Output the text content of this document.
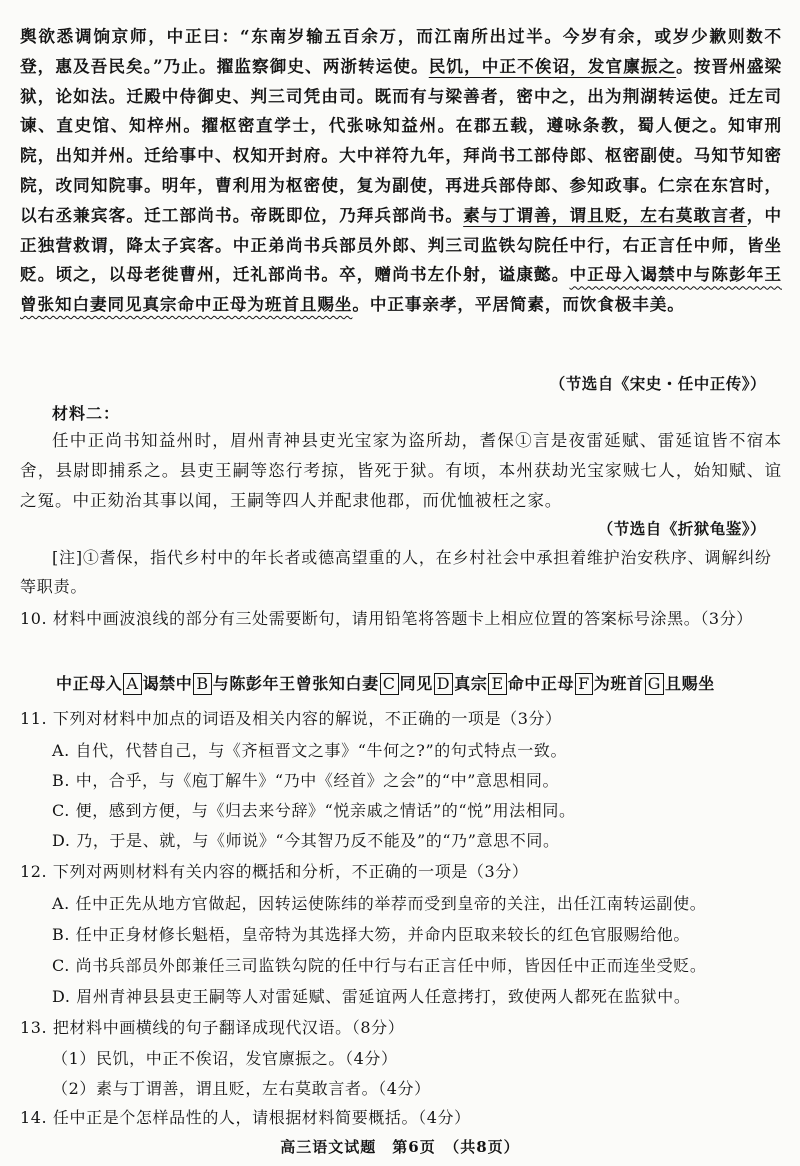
舆欲悉调饷京师，中正曰：“东南岁输五百余万，而江南所出过半。今岁有余，或岁少歉则数不登，惠及吾民矣。”乃止。擢监察御史、两浙转运使。民饥，中正不俟诏，发官廪振之。按晋州盛梁狱，论如法。迁殿中侍御史、判三司凭由司。既而有与梁善者，密中之，出为荆湖转运使。迁左司谏、直史馆、知梓州。擢枢密直学士，代张咏知益州。在郡五载，遵咏条教，蜀人便之。知审刑院，出知并州。迁给事中、权知开封府。大中祥符九年，拜尚书工部侍郎、枢密副使。马知节知密院，改同知院事。明年，曹利用为枢密使，复为副使，再进兵部侍郎、参知政事。仁宗在东宫时，以右丞兼宾客。迁工部尚书。帝既即位，乃拜兵部尚书。素与丁谓善，谓且贬，左右莫敢言者，中正独营救谓，降太子宾客。中正弟尚书兵部员外郎、判三司监铁勾院任中行，右正言任中师，皆坐贬。顷之，以母老徙曹州，迁礼部尚书。卒，赠尚书左仆射，谥康懿。中正母入谒禁中与陈彭年王曾张知白妻同见真宗命中正母为班首且赐坐。中正事亲孝，平居简素，而饮食极丰美。
（节选自《宋史・任中正传》）
材料二：
任中正尚书知益州时，眉州青神县吏光宝家为盗所劫，耆保①言是夜雷延赋、雷延谊皆不宿本舍，县尉即捕系之。县吏王嗣等恣行考掠，皆死于狱。有顷，本州获劫光宝家贼七人，始知赋、谊之冤。中正劾治其事以闻，王嗣等四人并配隶他郡，而优恤被枉之家。
（节选自《折狱龟鉴》）
[注]①耆保，指代乡村中的年长者或德高望重的人，在乡村社会中承担着维护治安秩序、调解纠纷等职责。
10. 材料中画波浪线的部分有三处需要断句，请用铅笔将答题卡上相应位置的答案标号涂黑。（3分）
中正母入 A 谒禁中 B 与陈彭年王曾张知白妻 C 同见 D 真宗 E 命中正母 F 为班首 G 且赐坐
11. 下列对材料中加点的词语及相关内容的解说，不正确的一项是（3分）
A. 自代，代替自己，与《齐桓晋文之事》“牛何之?”的句式特点一致。
B. 中，合乎，与《庖丁解牛》“乃中《经首》之会”的“中”意思相同。
C. 便，感到方便，与《归去来兮辞》“悦亲戚之情话”的“悦”用法相同。
D. 乃，于是、就，与《师说》“今其智乃反不能及”的“乃”意思不同。
12. 下列对两则材料有关内容的概括和分析，不正确的一项是（3分）
A. 任中正先从地方官做起，因转运使陈纬的举荐而受到皇帝的关注，出任江南转运副使。
B. 任中正身材修长魁梧，皇帝特为其选择大笏，并命内臣取来较长的红色官服赐给他。
C. 尚书兵部员外郎兼任三司监铁勾院的任中行与右正言任中师，皆因任中正而连坐受贬。
D. 眉州青神县县吏王嗣等人对雷延赋、雷延谊两人任意拷打，致使两人都死在监狱中。
13. 把材料中画横线的句子翻译成现代汉语。（8分）
（1）民饥，中正不俟诏，发官廪振之。（4分）
（2）素与丁谓善，谓且贬，左右莫敢言者。（4分）
14. 任中正是个怎样品性的人，请根据材料简要概括。（4分）
高三语文试题　第6页　（共8页）
